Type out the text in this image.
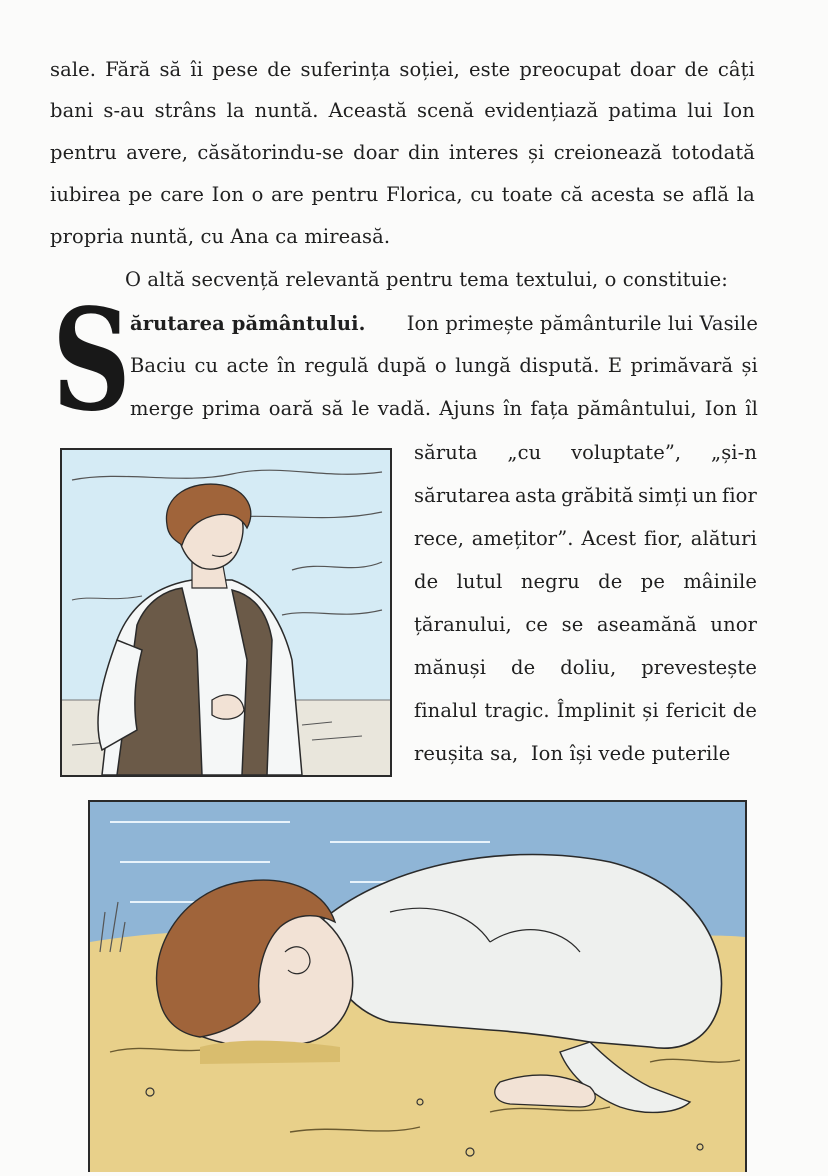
sale. Fără să îi pese de suferința soției, este preocupat doar de câți
bani s-au strâns la nuntă. Această scenă evidențiază patima lui Ion
pentru avere, căsătorindu-se doar din interes și creionează totodată
iubirea pe care Ion o are pentru Florica, cu toate că acesta se află la
propria nuntă, cu Ana ca mireasă.
O altă secvență relevantă pentru tema textului, o constituie:
S ărutarea pământului. Ion primește pământurile lui Vasile
Baciu cu acte în regulă după o lungă dispută. E primăvară și
merge prima oară să le vadă. Ajuns în fața pământului, Ion îl
săruta „cu voluptate”, „și-n
sărutarea asta grăbită simți un fior
rece, amețitor”. Acest fior, alături
de lutul negru de pe mâinile
țăranului, ce se aseamănă unor
mănuși de doliu, prevestește
finalul tragic. Împlinit și fericit de
reușita sa,  Ion își vede puterile
